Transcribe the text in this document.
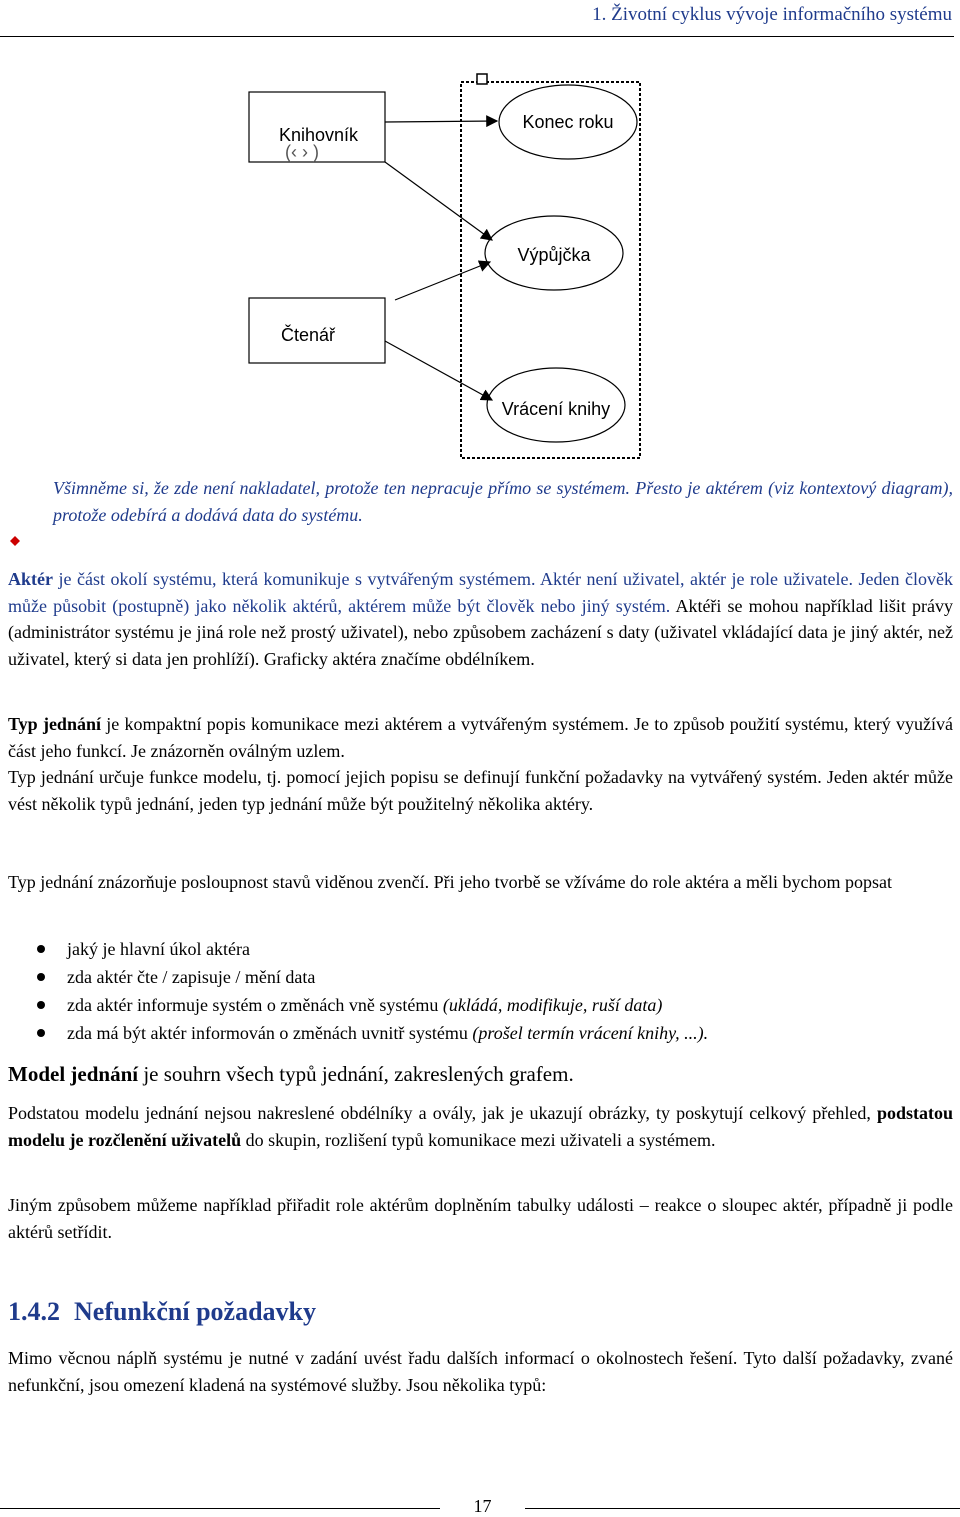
1. Životní cyklus vývoje informačního systému
Knihovník
(‹ › )
Čtenář
Konec roku
Výpůjčka
Vrácení knihy
Všimněme si, že zde není nakladatel, protože ten nepracuje přímo se systémem. Přesto je aktérem (viz kontextový diagram), protože odebírá a dodává data do systému.
Aktér je část okolí systému, která komunikuje s vytvářeným systémem. Aktér není uživatel, aktér je role uživatele. Jeden člověk může působit (postupně) jako několik aktérů, aktérem může být člověk nebo jiný systém. Aktéři se mohou například lišit právy (administrátor systému je jiná role než prostý uživatel), nebo způsobem zacházení s daty (uživatel vkládající data je jiný aktér, než uživatel, který si data jen prohlíží). Graficky aktéra značíme obdélníkem.
Typ jednání je kompaktní popis komunikace mezi aktérem a vytvářeným systémem. Je to způsob použití systému, který využívá část jeho funkcí. Je znázorněn oválným uzlem.
Typ jednání určuje funkce modelu, tj. pomocí jejich popisu se definují funkční požadavky na vytvářený systém. Jeden aktér může vést několik typů jednání, jeden typ jednání může být použitelný několika aktéry.
Typ jednání znázorňuje posloupnost stavů viděnou zvenčí. Při jeho tvorbě se vžíváme do role aktéra a měli bychom popsat
jaký je hlavní úkol aktéra
zda aktér čte / zapisuje / mění data
zda aktér informuje systém o změnách vně systému (ukládá, modifikuje, ruší data)
zda má být aktér informován o změnách uvnitř systému (prošel termín vrácení knihy, ...).
Model jednání je souhrn všech typů jednání, zakreslených grafem.
Podstatou modelu jednání nejsou nakreslené obdélníky a ovály, jak je ukazují obrázky, ty poskytují celkový přehled, podstatou modelu je rozčlenění uživatelů do skupin, rozlišení typů komunikace mezi uživateli a systémem.
Jiným způsobem můžeme například přiřadit role aktérům doplněním tabulky události – reakce o sloupec aktér, případně ji podle aktérů setřídit.
1.4.2 Nefunkční požadavky
Mimo věcnou náplň systému je nutné v zadání uvést řadu dalších informací o okolnostech řešení. Tyto další požadavky, zvané nefunkční, jsou omezení kladená na systémové služby. Jsou několika typů:
17
